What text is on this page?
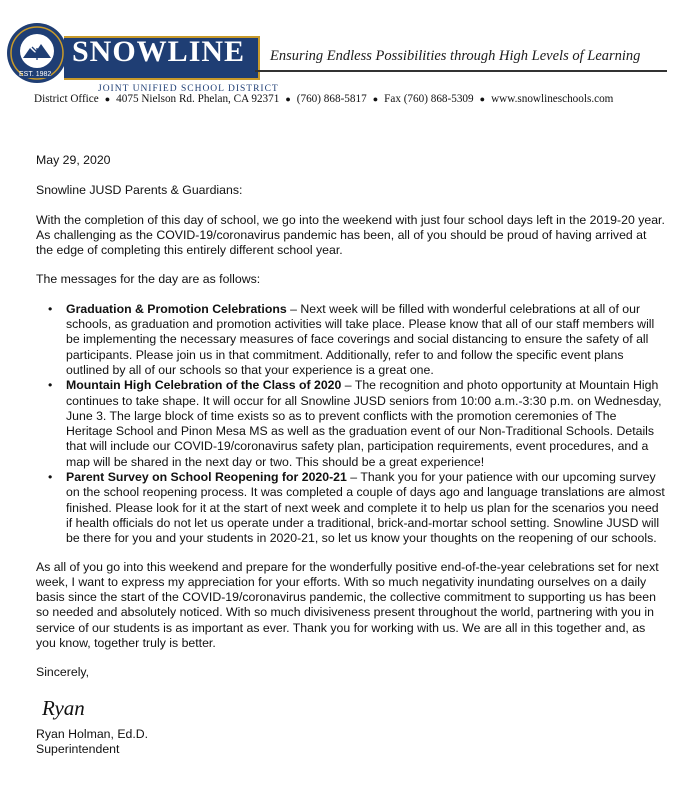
SNOWLINE
JOINT UNIFIED SCHOOL DISTRICT
EST. 1982
Ensuring Endless Possibilities through High Levels of Learning
District Office ● 4075 Nielson Rd. Phelan, CA 92371 ● (760) 868-5817 ● Fax (760) 868-5309 ● www.snowlineschools.com

May 29, 2020

Snowline JUSD Parents & Guardians:

With the completion of this day of school, we go into the weekend with just four school days left in the 2019-20 year. As challenging as the COVID-19/coronavirus pandemic has been, all of you should be proud of having arrived at the edge of completing this entirely different school year.

The messages for the day are as follows:

• Graduation & Promotion Celebrations – Next week will be filled with wonderful celebrations at all of our schools, as graduation and promotion activities will take place. Please know that all of our staff members will be implementing the necessary measures of face coverings and social distancing to ensure the safety of all participants. Please join us in that commitment. Additionally, refer to and follow the specific event plans outlined by all of our schools so that your experience is a great one.
• Mountain High Celebration of the Class of 2020 – The recognition and photo opportunity at Mountain High continues to take shape. It will occur for all Snowline JUSD seniors from 10:00 a.m.-3:30 p.m. on Wednesday, June 3. The large block of time exists so as to prevent conflicts with the promotion ceremonies of The Heritage School and Pinon Mesa MS as well as the graduation event of our Non-Traditional Schools. Details that will include our COVID-19/coronavirus safety plan, participation requirements, event procedures, and a map will be shared in the next day or two. This should be a great experience!
• Parent Survey on School Reopening for 2020-21 – Thank you for your patience with our upcoming survey on the school reopening process. It was completed a couple of days ago and language translations are almost finished. Please look for it at the start of next week and complete it to help us plan for the scenarios you need if health officials do not let us operate under a traditional, brick-and-mortar school setting. Snowline JUSD will be there for you and your students in 2020-21, so let us know your thoughts on the reopening of our schools.

As all of you go into this weekend and prepare for the wonderfully positive end-of-the-year celebrations set for next week, I want to express my appreciation for your efforts. With so much negativity inundating ourselves on a daily basis since the start of the COVID-19/coronavirus pandemic, the collective commitment to supporting us has been so needed and absolutely noticed. With so much divisiveness present throughout the world, partnering with you in service of our students is as important as ever. Thank you for working with us. We are all in this together and, as you know, together truly is better.

Sincerely,

Ryan
Ryan Holman, Ed.D.
Superintendent
